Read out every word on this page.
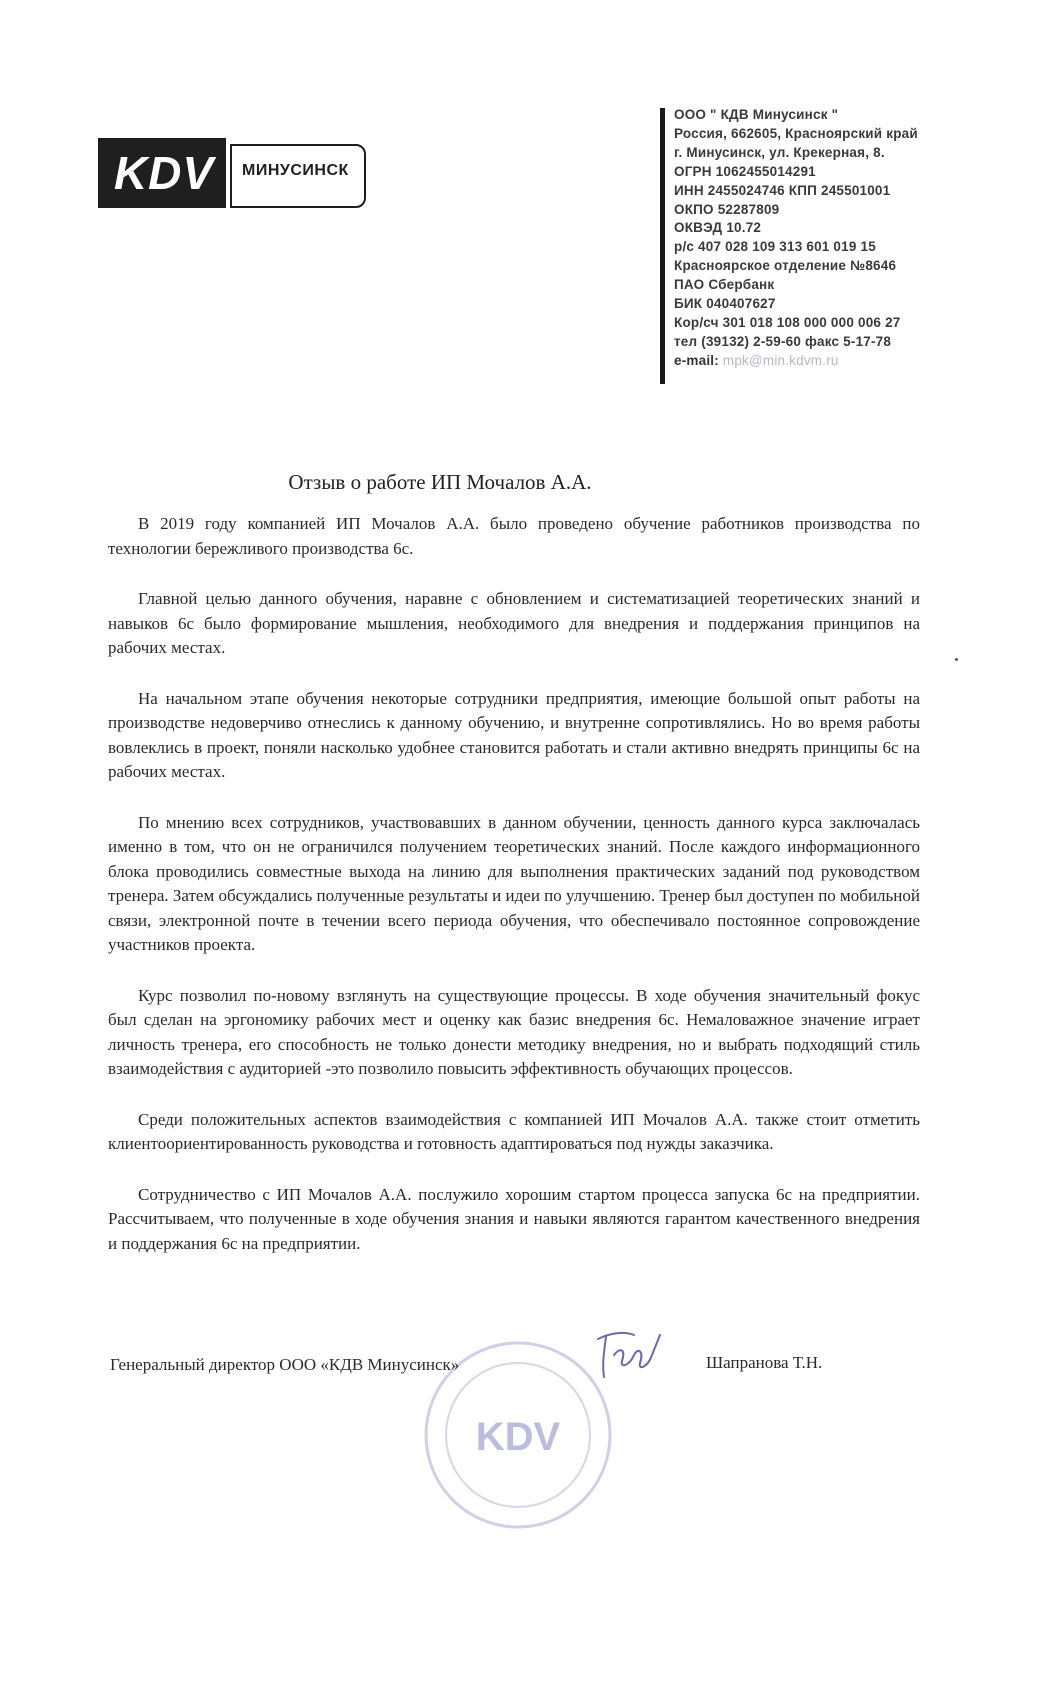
KDV	МИНУСИНСК
ООО " КДВ Минусинск "
Россия, 662605, Красноярский край
г. Минусинск, ул. Крекерная, 8.
ОГРН 1062455014291
ИНН 2455024746 КПП 245501001
ОКПО 52287809
ОКВЭД 10.72
р/с 407 028 109 313 601 019 15
Красноярское отделение №8646
ПАО Сбербанк
БИК 040407627
Кор/сч 301 018 108 000 000 006 27
тел (39132) 2-59-60 факс 5-17-78
e-mail: mpk@min.kdvm.ru
Отзыв о работе ИП Мочалов А.А.

В 2019 году компанией ИП Мочалов А.А. было проведено обучение работников производства по технологии бережливого производства 6с.

Главной целью данного обучения, наравне с обновлением и систематизацией теоретических знаний и навыков 6с было формирование мышления, необходимого для внедрения и поддержания принципов на рабочих местах.

На начальном этапе обучения некоторые сотрудники предприятия, имеющие большой опыт работы на производстве недоверчиво отнеслись к данному обучению, и внутренне сопротивлялись. Но во время работы вовлеклись в проект, поняли насколько удобнее становится работать и стали активно внедрять принципы 6с на рабочих местах.

По мнению всех сотрудников, участвовавших в данном обучении, ценность данного курса заключалась именно в том, что он не ограничился получением теоретических знаний. После каждого информационного блока проводились совместные выхода на линию для выполнения практических заданий под руководством тренера. Затем обсуждались полученные результаты и идеи по улучшению. Тренер был доступен по мобильной связи, электронной почте в течении всего периода обучения, что обеспечивало постоянное сопровождение участников проекта.

Курс позволил по-новому взглянуть на существующие процессы. В ходе обучения значительный фокус был сделан на эргономику рабочих мест и оценку как базис внедрения 6с. Немаловажное значение играет личность тренера, его способность не только донести методику внедрения, но и выбрать подходящий стиль взаимодействия с аудиторией -это позволило повысить эффективность обучающих процессов.

Среди положительных аспектов взаимодействия с компанией ИП Мочалов А.А. также стоит отметить клиентоориентированность руководства и готовность адаптироваться под нужды заказчика.

Сотрудничество с ИП Мочалов А.А. послужило хорошим стартом процесса запуска 6с на предприятии. Рассчитываем, что полученные в ходе обучения знания и навыки являются гарантом качественного внедрения и поддержания 6с на предприятии.

KDV
Генеральный директор ООО «КДВ Минусинск»	Шапранова Т.Н.
